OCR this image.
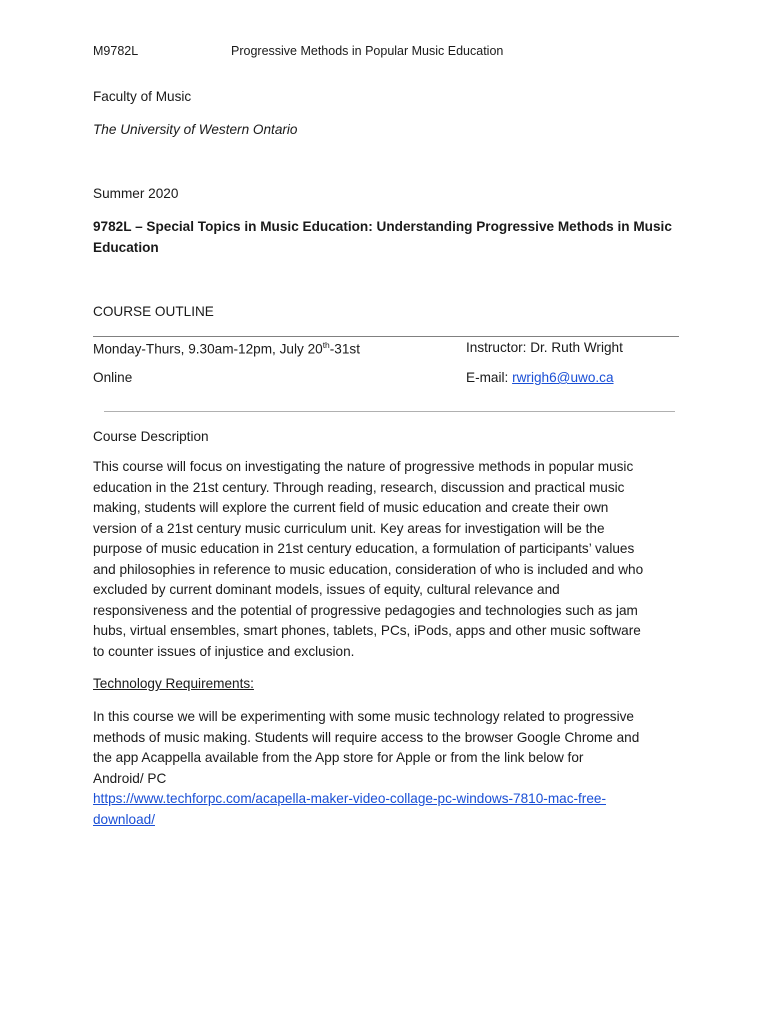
M9782L	Progressive Methods in Popular Music Education
Faculty of Music
The University of Western Ontario
Summer 2020
9782L – Special Topics in Music Education: Understanding Progressive Methods in Music
Education
COURSE OUTLINE
Monday-Thurs, 9.30am-12pm, July 20th-31st	Instructor: Dr. Ruth Wright
Online	E-mail: rwrigh6@uwo.ca
Course Description
This course will focus on investigating the nature of progressive methods in popular music
education in the 21st century. Through reading, research, discussion and practical music
making, students will explore the current field of music education and create their own
version of a 21st century music curriculum unit. Key areas for investigation will be the
purpose of music education in 21st century education, a formulation of participants’ values
and philosophies in reference to music education, consideration of who is included and who
excluded by current dominant models, issues of equity, cultural relevance and
responsiveness and the potential of progressive pedagogies and technologies such as jam
hubs, virtual ensembles, smart phones, tablets, PCs, iPods, apps and other music software
to counter issues of injustice and exclusion.
Technology Requirements:
In this course we will be experimenting with some music technology related to progressive
methods of music making. Students will require access to the browser Google Chrome and
the app Acappella available from the App store for Apple or from the link below for
Android/ PC
https://www.techforpc.com/acapella-maker-video-collage-pc-windows-7810-mac-free-
download/
